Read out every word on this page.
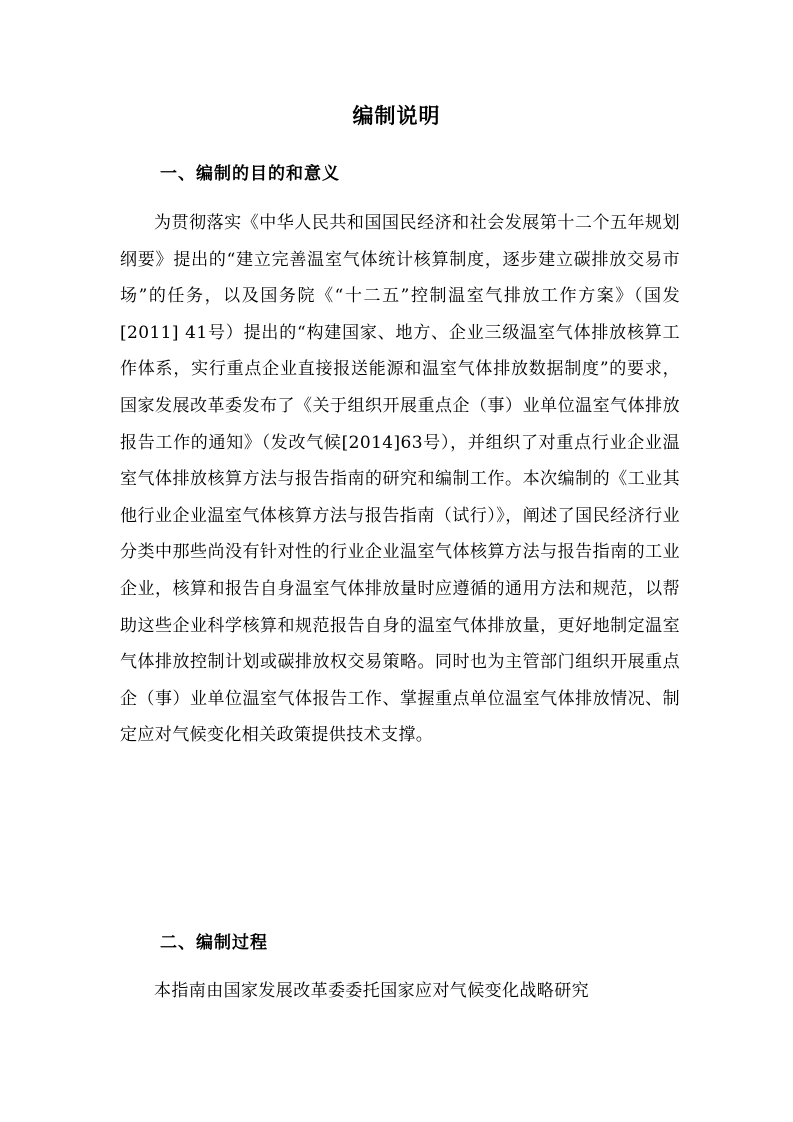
编制说明
一、编制的目的和意义

为贯彻落实《中华人民共和国国民经济和社会发展第十二个五年规划纲要》提出的“建立完善温室气体统计核算制度，逐步建立碳排放交易市场”的任务，以及国务院《“十二五”控制温室气排放工作方案》（国发[2011] 41号）提出的“构建国家、地方、企业三级温室气体排放核算工作体系，实行重点企业直接报送能源和温室气体排放数据制度”的要求，国家发展改革委发布了《关于组织开展重点企（事）业单位温室气体排放报告工作的通知》（发改气候[2014]63号），并组织了对重点行业企业温室气体排放核算方法与报告指南的研究和编制工作。本次编制的《工业其他行业企业温室气体核算方法与报告指南（试行）》，阐述了国民经济行业分类中那些尚没有针对性的行业企业温室气体核算方法与报告指南的工业企业，核算和报告自身温室气体排放量时应遵循的通用方法和规范，以帮助这些企业科学核算和规范报告自身的温室气体排放量，更好地制定温室气体排放控制计划或碳排放权交易策略。同时也为主管部门组织开展重点企（事）业单位温室气体报告工作、掌握重点单位温室气体排放情况、制定应对气候变化相关政策提供技术支撑。

二、编制过程

本指南由国家发展改革委委托国家应对气候变化战略研究
